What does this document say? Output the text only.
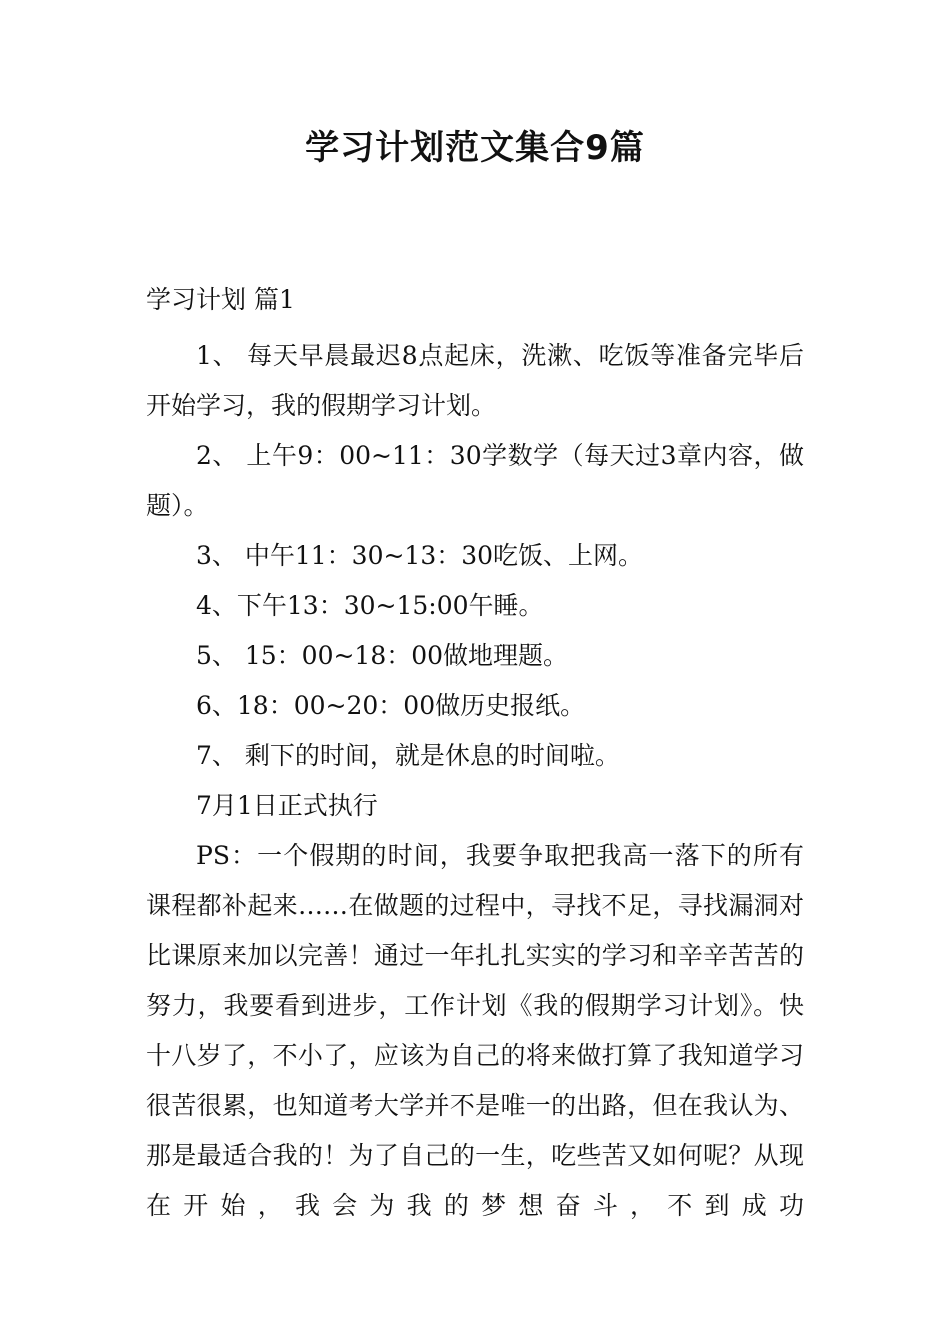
学习计划范文集合9篇
学习计划 篇1

1、 每天早晨最迟8点起床，洗漱、吃饭等准备完毕后开始学习，我的假期学习计划。

2、 上午9：00~11：30学数学（每天过3章内容，做题）。

3、 中午11：30~13：30吃饭、上网。

4、下午13：30~15:00午睡。

5、 15：00~18：00做地理题。

6、18：00~20：00做历史报纸。

7、 剩下的时间，就是休息的时间啦。

7月1日正式执行

PS：一个假期的时间，我要争取把我高一落下的所有课程都补起来……在做题的过程中，寻找不足，寻找漏洞对比课原来加以完善！通过一年扎扎实实的学习和辛辛苦苦的努力，我要看到进步，工作计划《我的假期学习计划》。快十八岁了，不小了，应该为自己的将来做打算了我知道学习很苦很累，也知道考大学并不是唯一的出路，但在我认为、那是最适合我的！为了自己的一生，吃些苦又如何呢？从现在开始，我会为我的梦想奋斗，不到成功
